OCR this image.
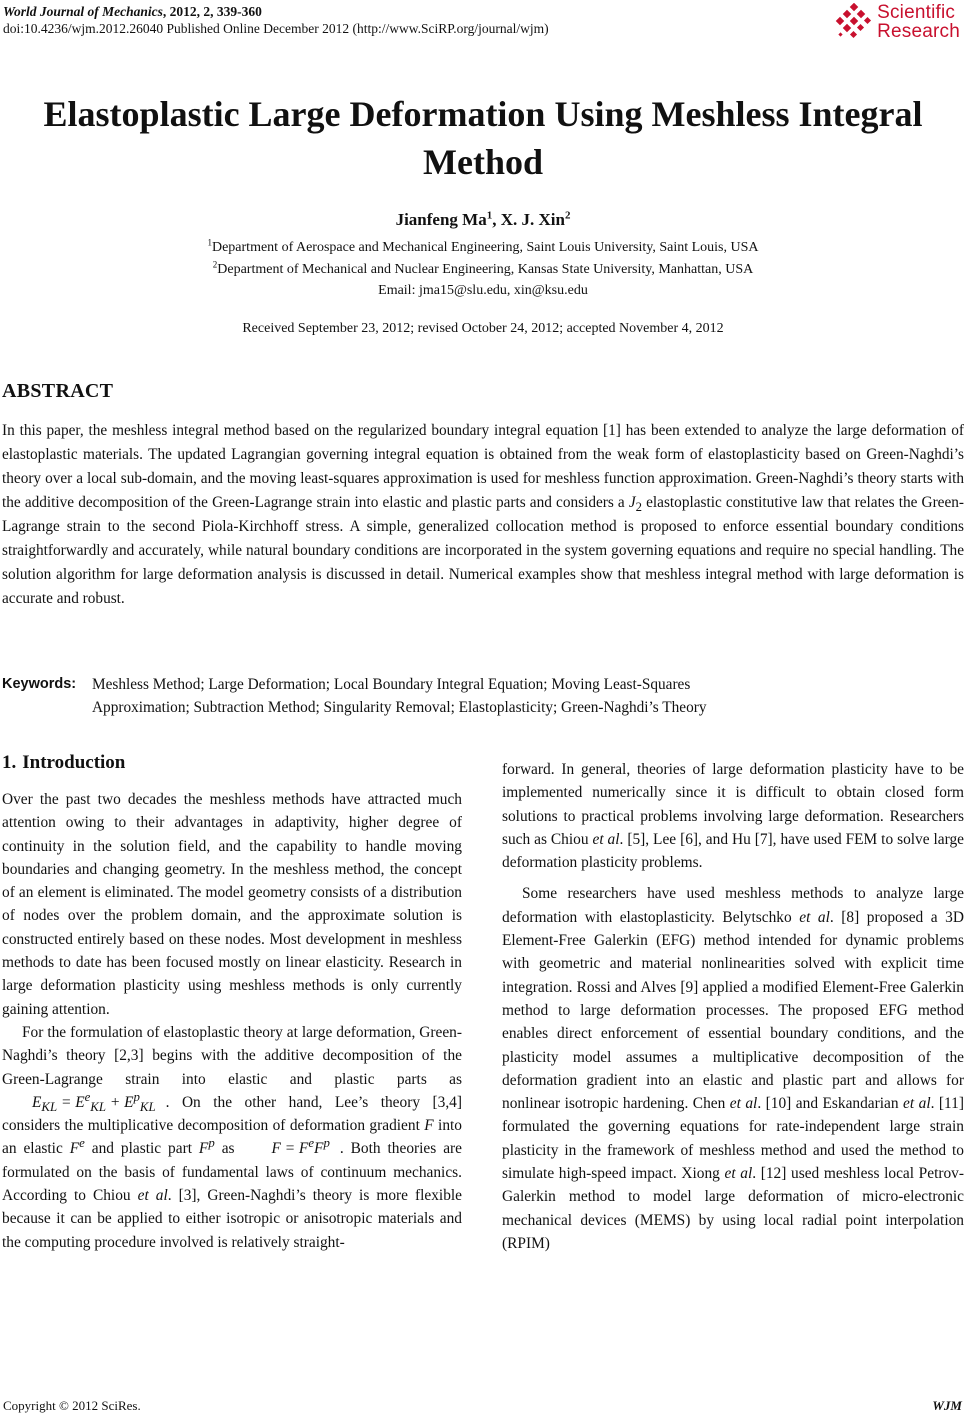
World Journal of Mechanics, 2012, 2, 339-360
doi:10.4236/wjm.2012.26040 Published Online December 2012 (http://www.SciRP.org/journal/wjm)
Scientific
Research
Elastoplastic Large Deformation Using Meshless Integral
Method
Jianfeng Ma$^1$, X. J. Xin$^2$
$^1$Department of Aerospace and Mechanical Engineering, Saint Louis University, Saint Louis, USA
$^2$Department of Mechanical and Nuclear Engineering, Kansas State University, Manhattan, USA
Email: jma15@slu.edu, xin@ksu.edu
Received September 23, 2012; revised October 24, 2012; accepted November 4, 2012
ABSTRACT

In this paper, the meshless integral method based on the regularized boundary integral equation [1] has been extended to analyze the large deformation of elastoplastic materials. The updated Lagrangian governing integral equation is obtained from the weak form of elastoplasticity based on Green-Naghdi’s theory over a local sub-domain, and the moving least-squares approximation is used for meshless function approximation. Green-Naghdi’s theory starts with the additive decomposition of the Green-Lagrange strain into elastic and plastic parts and considers a $J_2$ elastoplastic constitutive law that relates the Green-Lagrange strain to the second Piola-Kirchhoff stress. A simple, generalized collocation method is proposed to enforce essential boundary conditions straightforwardly and accurately, while natural boundary conditions are incorporated in the system governing equations and require no special handling. The solution algorithm for large deformation analysis is discussed in detail. Numerical examples show that meshless integral method with large deformation is accurate and robust.

Keywords: Meshless Method; Large Deformation; Local Boundary Integral Equation; Moving Least-Squares
Approximation; Subtraction Method; Singularity Removal; Elastoplasticity; Green-Naghdi’s Theory
1. Introduction

Over the past two decades the meshless methods have attracted much attention owing to their advantages in adaptivity, higher degree of continuity in the solution field, and the capability to handle moving boundaries and changing geometry. In the meshless method, the concept of an element is eliminated. The model geometry consists of a distribution of nodes over the problem domain, and the approximate solution is constructed entirely based on these nodes. Most development in meshless methods to date has been focused mostly on linear elasticity. Research in large deformation plasticity using meshless methods is only currently gaining attention.

For the formulation of elastoplastic theory at large deformation, Green-Naghdi’s theory [2,3] begins with the additive decomposition of the Green-Lagrange strain into elastic and plastic parts as $E_{KL} = E^e_{KL} + E^p_{KL}$ . On the other hand, Lee’s theory [3,4] considers the multiplicative decomposition of deformation gradient F into an elastic $F^e$ and plastic part $F^p$ as $F = F^eF^p$ . Both theories are formulated on the basis of fundamental laws of continuum mechanics. According to Chiou et al. [3], Green-Naghdi’s theory is more flexible because it can be applied to either isotropic or anisotropic materials and the computing procedure involved is relatively straight-

forward. In general, theories of large deformation plasticity have to be implemented numerically since it is difficult to obtain closed form solutions to practical problems involving large deformation. Researchers such as Chiou et al. [5], Lee [6], and Hu [7], have used FEM to solve large deformation plasticity problems.

Some researchers have used meshless methods to analyze large deformation with elastoplasticity. Belytschko et al. [8] proposed a 3D Element-Free Galerkin (EFG) method intended for dynamic problems with geometric and material nonlinearities solved with explicit time integration. Rossi and Alves [9] applied a modified Element-Free Galerkin method to large deformation processes. The proposed EFG method enables direct enforcement of essential boundary conditions, and the plasticity model assumes a multiplicative decomposition of the deformation gradient into an elastic and plastic part and allows for nonlinear isotropic hardening. Chen et al. [10] and Eskandarian et al. [11] formulated the governing equations for rate-independent large strain plasticity in the framework of meshless method and used the method to simulate high-speed impact. Xiong et al. [12] used meshless local Petrov-Galerkin method to model large deformation of micro-electronic mechanical devices (MEMS) by using local radial point interpolation (RPIM)

Copyright © 2012 SciRes.	WJM
